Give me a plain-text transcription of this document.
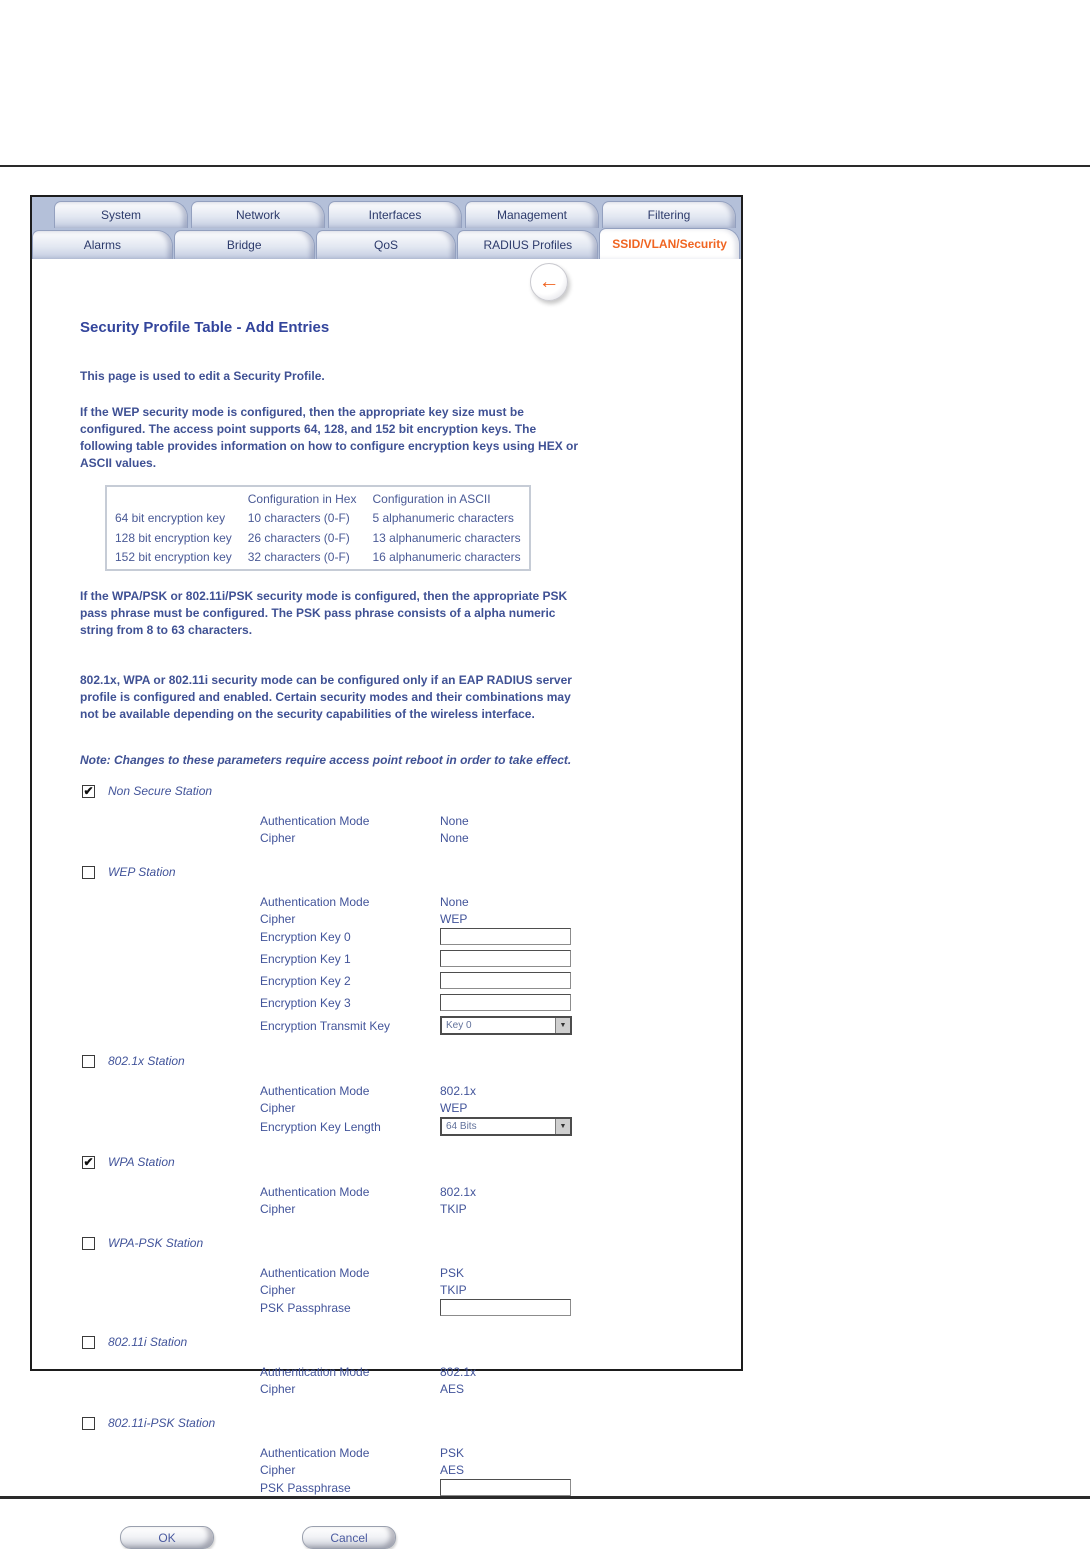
System	Network	Interfaces	Management	Filtering
Alarms	Bridge	QoS	RADIUS Profiles	SSID/VLAN/Security
←
Security Profile Table - Add Entries
This page is used to edit a Security Profile.
If the WEP security mode is configured, then the appropriate key size must be configured. The access point supports 64, 128, and 152 bit encryption keys. The following table provides information on how to configure encryption keys using HEX or ASCII values.
	Configuration in Hex	Configuration in ASCII
64 bit encryption key	10 characters (0-F)	5 alphanumeric characters
128 bit encryption key	26 characters (0-F)	13 alphanumeric characters
152 bit encryption key	32 characters (0-F)	16 alphanumeric characters
If the WPA/PSK or 802.11i/PSK security mode is configured, then the appropriate PSK pass phrase must be configured. The PSK pass phrase consists of a alpha numeric string from 8 to 63 characters.
802.1x, WPA or 802.11i security mode can be configured only if an EAP RADIUS server profile is configured and enabled. Certain security modes and their combinations may not be available depending on the security capabilities of the wireless interface.
Note: Changes to these parameters require access point reboot in order to take effect.
✔ Non Secure Station
Authentication Mode	None
Cipher	None
WEP Station
Authentication Mode	None
Cipher	WEP
Encryption Key 0
Encryption Key 1
Encryption Key 2
Encryption Key 3
Encryption Transmit Key	Key 0	▼
802.1x Station
Authentication Mode	802.1x
Cipher	WEP
Encryption Key Length	64 Bits	▼
✔ WPA Station
Authentication Mode	802.1x
Cipher	TKIP
WPA-PSK Station
Authentication Mode	PSK
Cipher	TKIP
PSK Passphrase
802.11i Station
Authentication Mode	802.1x
Cipher	AES
802.11i-PSK Station
Authentication Mode	PSK
Cipher	AES
PSK Passphrase
OK	Cancel
